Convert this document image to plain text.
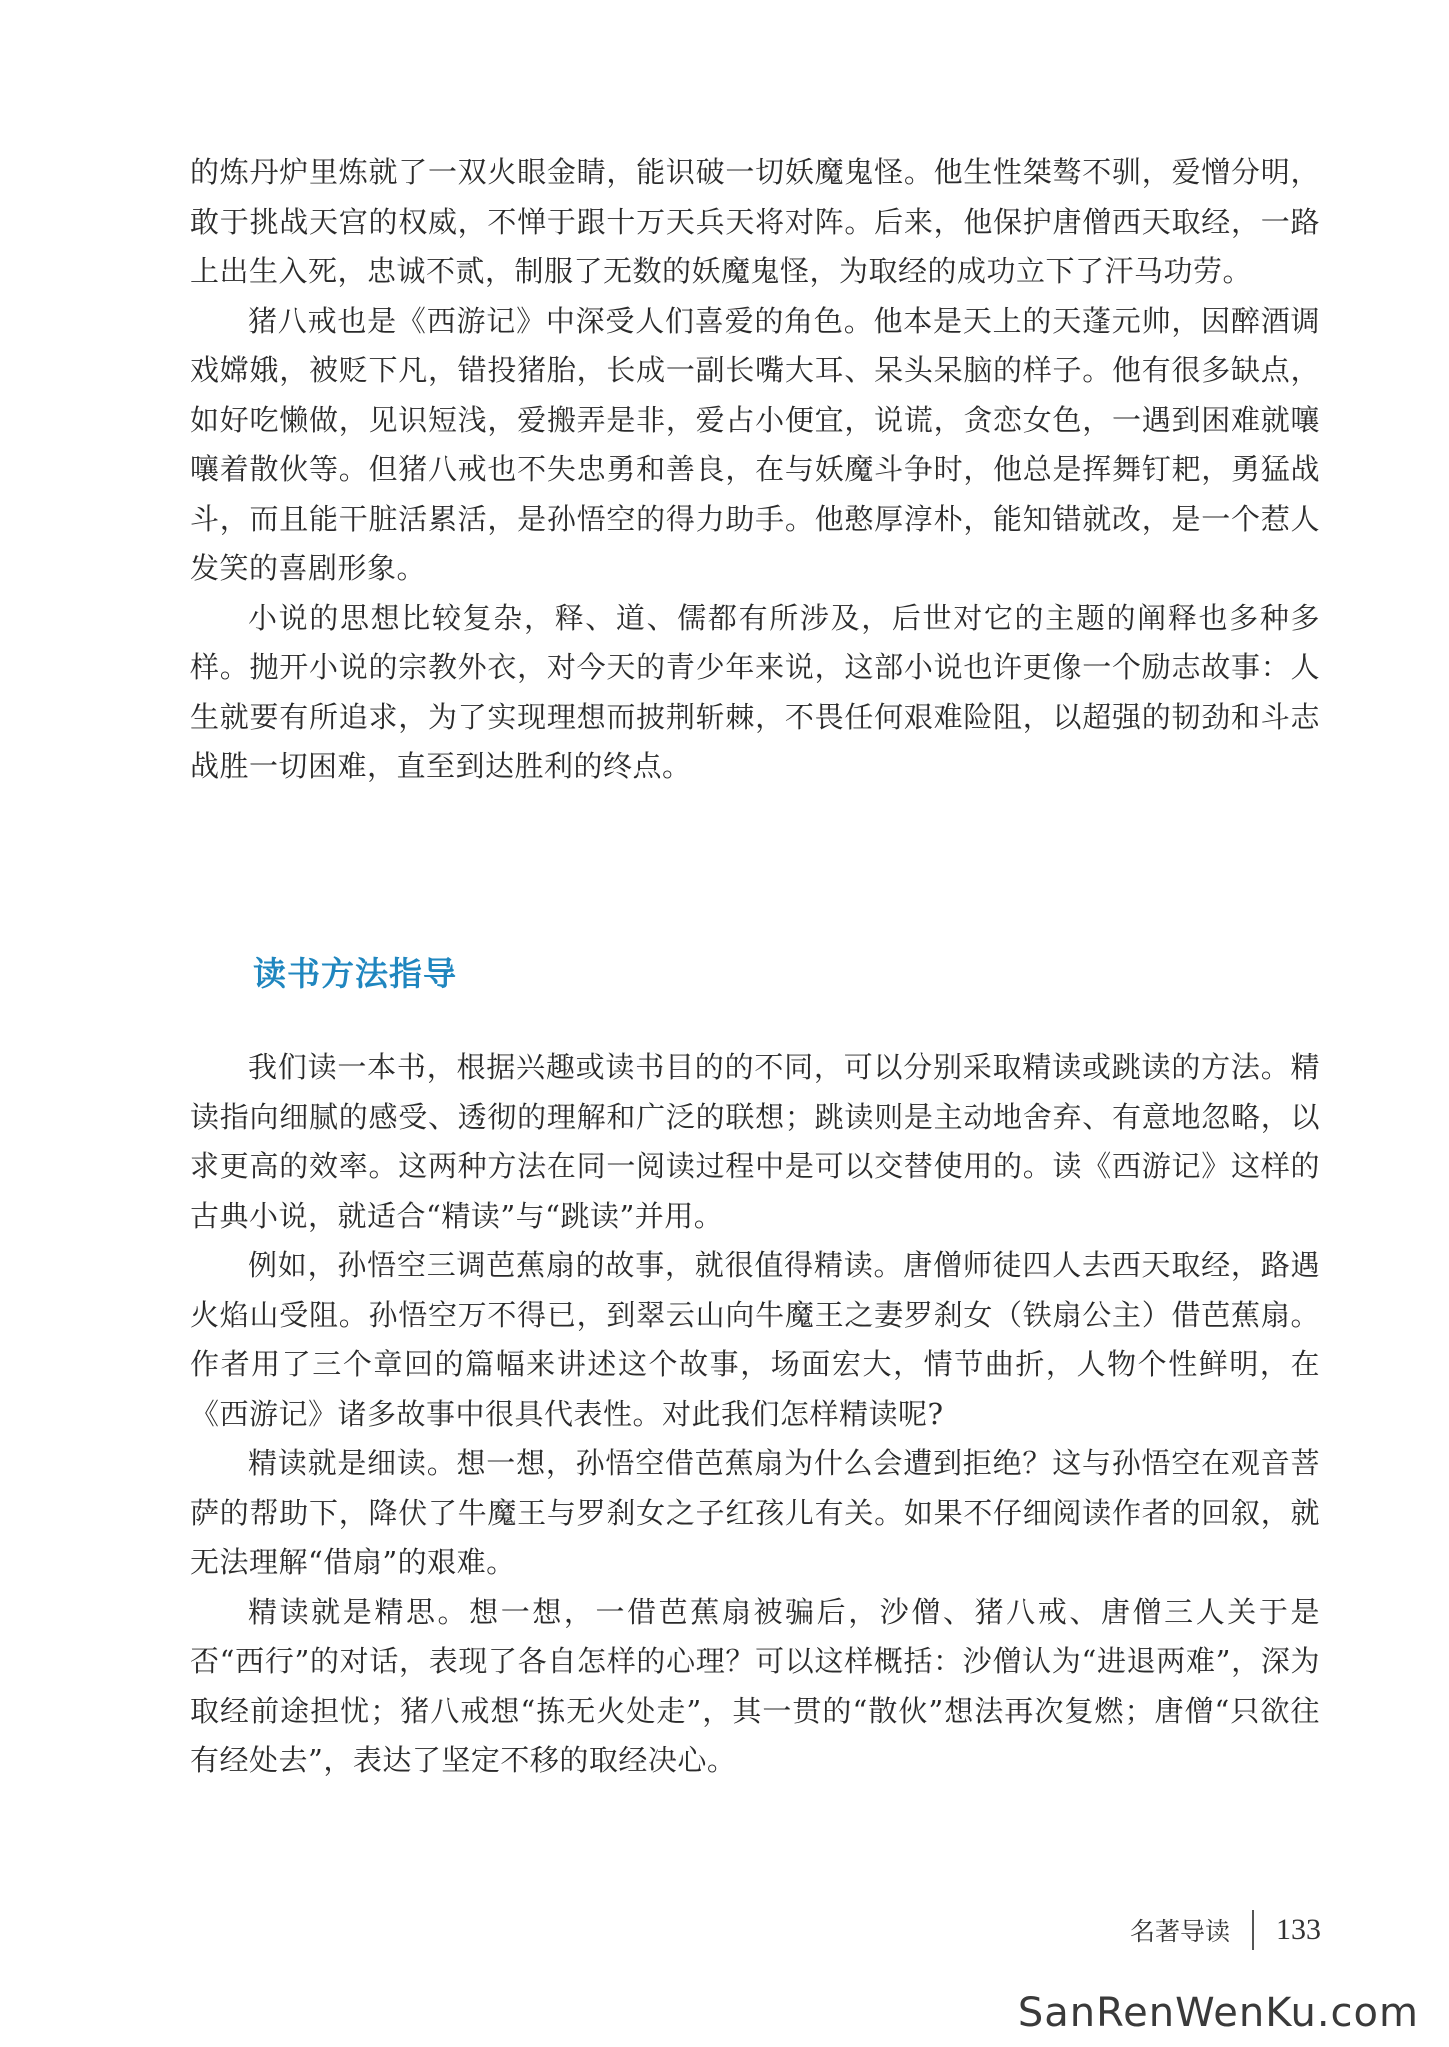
的炼丹炉里炼就了一双火眼金睛，能识破一切妖魔鬼怪。他生性桀骜不驯，爱憎分明，敢于挑战天宫的权威，不惮于跟十万天兵天将对阵。后来，他保护唐僧西天取经，一路上出生入死，忠诚不贰，制服了无数的妖魔鬼怪，为取经的成功立下了汗马功劳。

猪八戒也是《西游记》中深受人们喜爱的角色。他本是天上的天蓬元帅，因醉酒调戏嫦娥，被贬下凡，错投猪胎，长成一副长嘴大耳、呆头呆脑的样子。他有很多缺点，如好吃懒做，见识短浅，爱搬弄是非，爱占小便宜，说谎，贪恋女色，一遇到困难就嚷嚷着散伙等。但猪八戒也不失忠勇和善良，在与妖魔斗争时，他总是挥舞钉耙，勇猛战斗，而且能干脏活累活，是孙悟空的得力助手。他憨厚淳朴，能知错就改，是一个惹人发笑的喜剧形象。

小说的思想比较复杂，释、道、儒都有所涉及，后世对它的主题的阐释也多种多样。抛开小说的宗教外衣，对今天的青少年来说，这部小说也许更像一个励志故事：人生就要有所追求，为了实现理想而披荆斩棘，不畏任何艰难险阻，以超强的韧劲和斗志战胜一切困难，直至到达胜利的终点。

读书方法指导

我们读一本书，根据兴趣或读书目的的不同，可以分别采取精读或跳读的方法。精读指向细腻的感受、透彻的理解和广泛的联想；跳读则是主动地舍弃、有意地忽略，以求更高的效率。这两种方法在同一阅读过程中是可以交替使用的。读《西游记》这样的古典小说，就适合“精读”与“跳读”并用。

例如，孙悟空三调芭蕉扇的故事，就很值得精读。唐僧师徒四人去西天取经，路遇火焰山受阻。孙悟空万不得已，到翠云山向牛魔王之妻罗刹女（铁扇公主）借芭蕉扇。作者用了三个章回的篇幅来讲述这个故事，场面宏大，情节曲折，人物个性鲜明，在《西游记》诸多故事中很具代表性。对此我们怎样精读呢?

精读就是细读。想一想，孙悟空借芭蕉扇为什么会遭到拒绝？这与孙悟空在观音菩萨的帮助下，降伏了牛魔王与罗刹女之子红孩儿有关。如果不仔细阅读作者的回叙，就无法理解“借扇”的艰难。

精读就是精思。想一想，一借芭蕉扇被骗后，沙僧、猪八戒、唐僧三人关于是否“西行”的对话，表现了各自怎样的心理？可以这样概括：沙僧认为“进退两难”，深为取经前途担忧；猪八戒想“拣无火处走”，其一贯的“散伙”想法再次复燃；唐僧“只欲往有经处去”，表达了坚定不移的取经决心。

名著导读 133
SanRenWenKu.com
